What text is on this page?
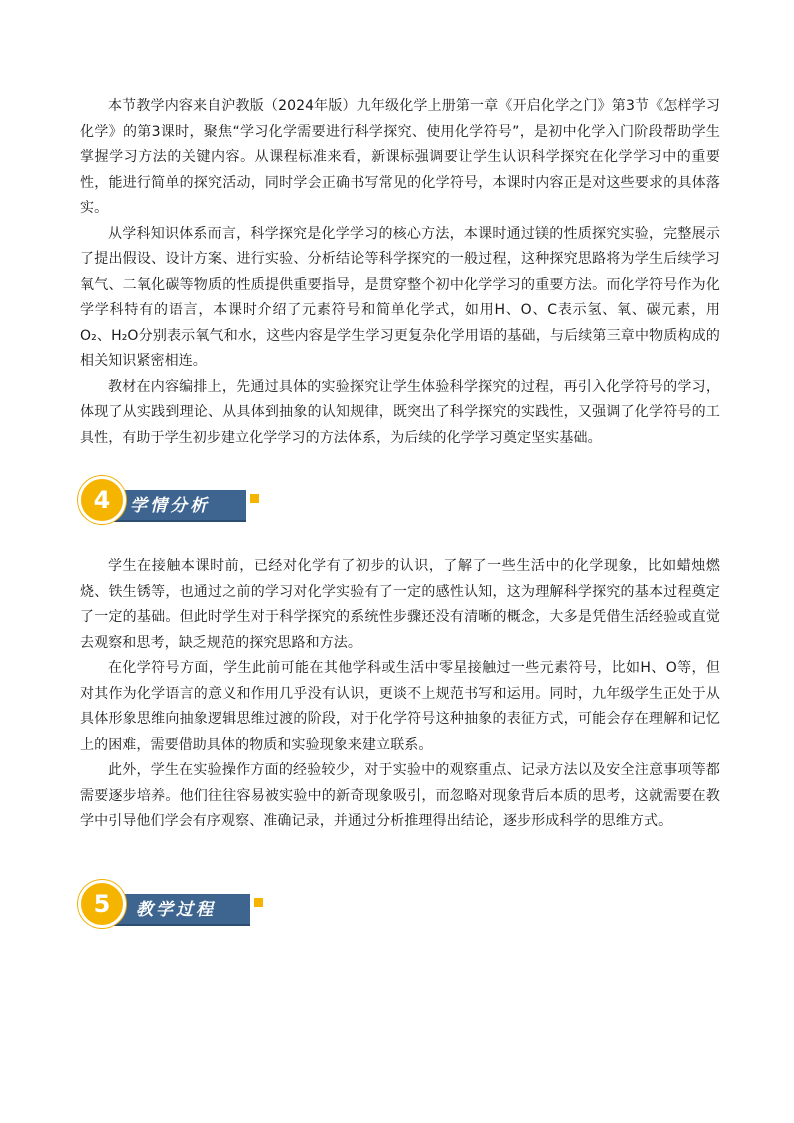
本节教学内容来自沪教版（2024年版）九年级化学上册第一章《开启化学之门》第3节《怎样学习化学》的第3课时，聚焦“学习化学需要进行科学探究、使用化学符号”，是初中化学入门阶段帮助学生掌握学习方法的关键内容。从课程标准来看，新课标强调要让学生认识科学探究在化学学习中的重要性，能进行简单的探究活动，同时学会正确书写常见的化学符号，本课时内容正是对这些要求的具体落实。

从学科知识体系而言，科学探究是化学学习的核心方法，本课时通过镁的性质探究实验，完整展示了提出假设、设计方案、进行实验、分析结论等科学探究的一般过程，这种探究思路将为学生后续学习氧气、二氧化碳等物质的性质提供重要指导，是贯穿整个初中化学学习的重要方法。而化学符号作为化学学科特有的语言，本课时介绍了元素符号和简单化学式，如用H、O、C表示氢、氧、碳元素，用O₂、H₂O分别表示氧气和水，这些内容是学生学习更复杂化学用语的基础，与后续第三章中物质构成的相关知识紧密相连。

教材在内容编排上，先通过具体的实验探究让学生体验科学探究的过程，再引入化学符号的学习，体现了从实践到理论、从具体到抽象的认知规律，既突出了科学探究的实践性，又强调了化学符号的工具性，有助于学生初步建立化学学习的方法体系，为后续的化学学习奠定坚实基础。

学情分析
4

学生在接触本课时前，已经对化学有了初步的认识，了解了一些生活中的化学现象，比如蜡烛燃烧、铁生锈等，也通过之前的学习对化学实验有了一定的感性认知，这为理解科学探究的基本过程奠定了一定的基础。但此时学生对于科学探究的系统性步骤还没有清晰的概念，大多是凭借生活经验或直觉去观察和思考，缺乏规范的探究思路和方法。

在化学符号方面，学生此前可能在其他学科或生活中零星接触过一些元素符号，比如H、O等，但对其作为化学语言的意义和作用几乎没有认识，更谈不上规范书写和运用。同时，九年级学生正处于从具体形象思维向抽象逻辑思维过渡的阶段，对于化学符号这种抽象的表征方式，可能会存在理解和记忆上的困难，需要借助具体的物质和实验现象来建立联系。

此外，学生在实验操作方面的经验较少，对于实验中的观察重点、记录方法以及安全注意事项等都需要逐步培养。他们往往容易被实验中的新奇现象吸引，而忽略对现象背后本质的思考，这就需要在教学中引导他们学会有序观察、准确记录，并通过分析推理得出结论，逐步形成科学的思维方式。

教学过程
5
